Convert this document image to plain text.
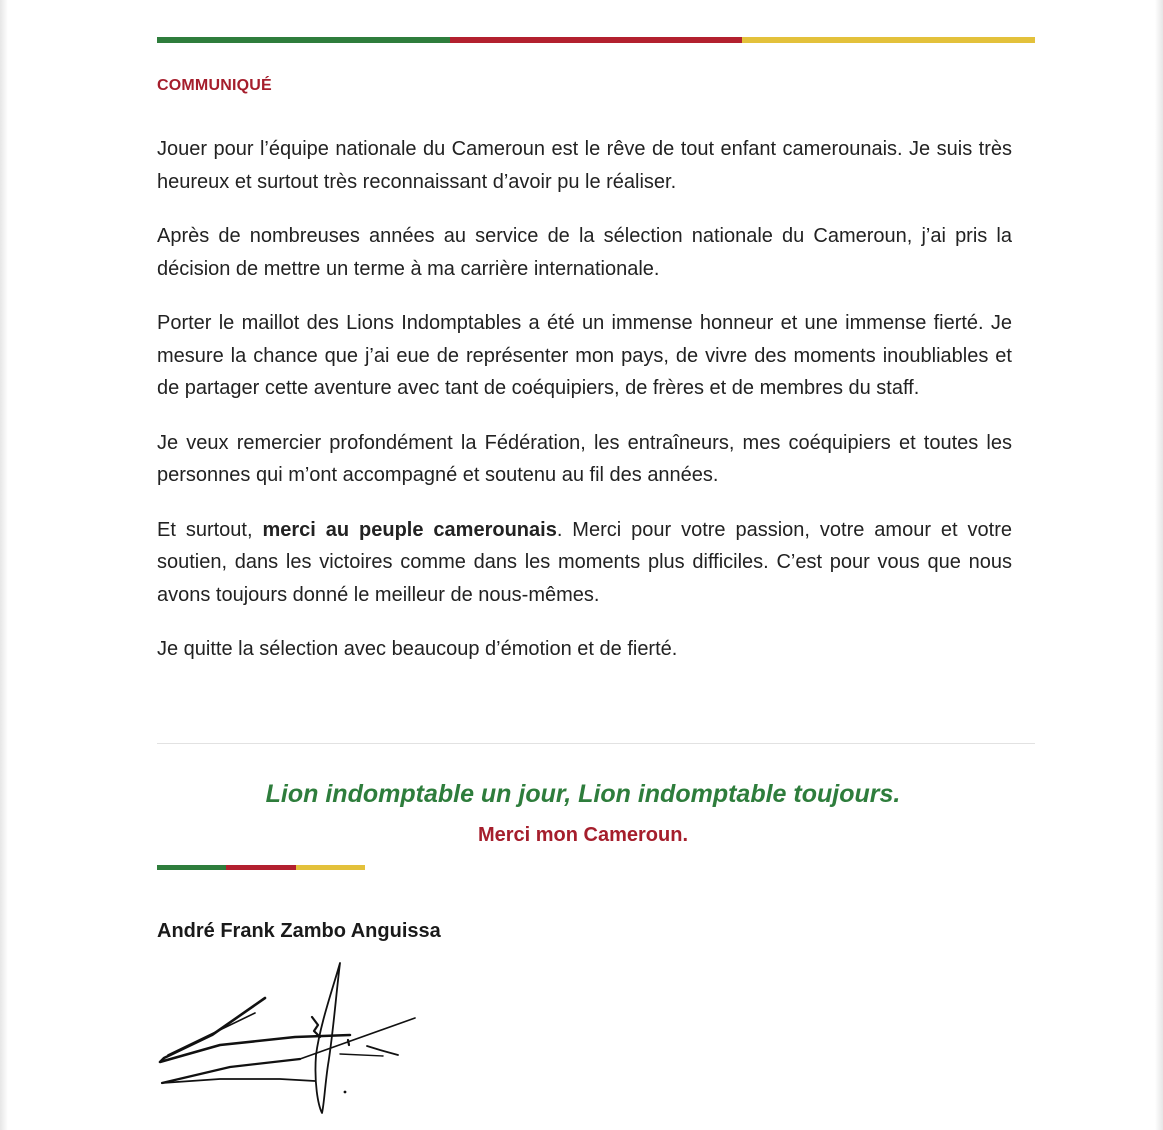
COMMUNIQUÉ

Jouer pour l’équipe nationale du Cameroun est le rêve de tout enfant camerounais. Je suis très heureux et surtout très reconnaissant d’avoir pu le réaliser.

Après de nombreuses années au service de la sélection nationale du Cameroun, j’ai pris la décision de mettre un terme à ma carrière internationale.

Porter le maillot des Lions Indomptables a été un immense honneur et une immense fierté. Je mesure la chance que j’ai eue de représenter mon pays, de vivre des moments inoubliables et de partager cette aventure avec tant de coéquipiers, de frères et de membres du staff.

Je veux remercier profondément la Fédération, les entraîneurs, mes coéquipiers et toutes les personnes qui m’ont accompagné et soutenu au fil des années.

Et surtout, merci au peuple camerounais. Merci pour votre passion, votre amour et votre soutien, dans les victoires comme dans les moments plus difficiles. C’est pour vous que nous avons toujours donné le meilleur de nous-mêmes.

Je quitte la sélection avec beaucoup d’émotion et de fierté.

Lion indomptable un jour, Lion indomptable toujours.
Merci mon Cameroun.
André Frank Zambo Anguissa
